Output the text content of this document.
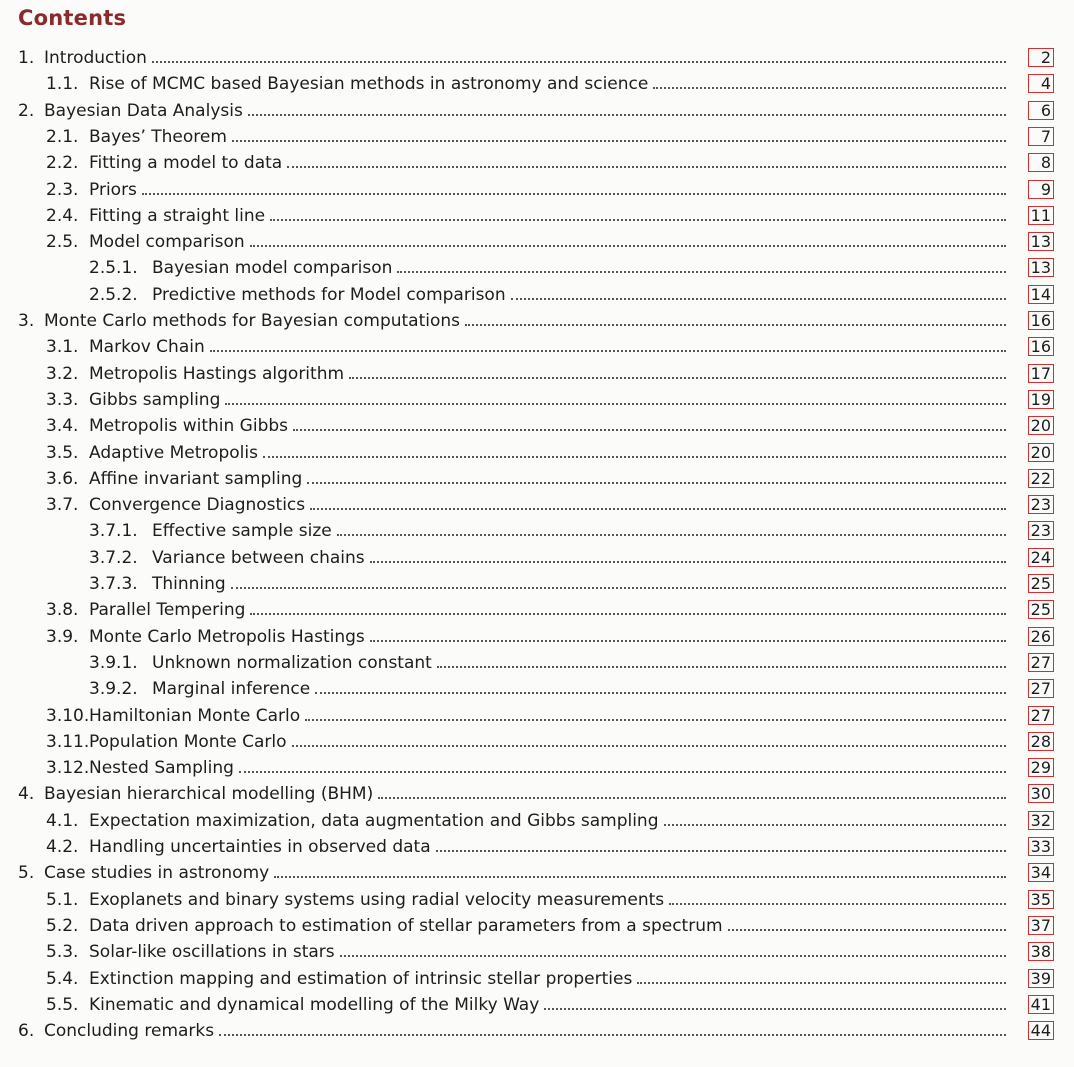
Contents
1. Introduction	2
1.1. Rise of MCMC based Bayesian methods in astronomy and science	4
2. Bayesian Data Analysis	6
2.1. Bayes’ Theorem	7
2.2. Fitting a model to data	8
2.3. Priors	9
2.4. Fitting a straight line	11
2.5. Model comparison	13
2.5.1. Bayesian model comparison	13
2.5.2. Predictive methods for Model comparison	14
3. Monte Carlo methods for Bayesian computations	16
3.1. Markov Chain	16
3.2. Metropolis Hastings algorithm	17
3.3. Gibbs sampling	19
3.4. Metropolis within Gibbs	20
3.5. Adaptive Metropolis	20
3.6. Affine invariant sampling	22
3.7. Convergence Diagnostics	23
3.7.1. Effective sample size	23
3.7.2. Variance between chains	24
3.7.3. Thinning	25
3.8. Parallel Tempering	25
3.9. Monte Carlo Metropolis Hastings	26
3.9.1. Unknown normalization constant	27
3.9.2. Marginal inference	27
3.10. Hamiltonian Monte Carlo	27
3.11. Population Monte Carlo	28
3.12. Nested Sampling	29
4. Bayesian hierarchical modelling (BHM)	30
4.1. Expectation maximization, data augmentation and Gibbs sampling	32
4.2. Handling uncertainties in observed data	33
5. Case studies in astronomy	34
5.1. Exoplanets and binary systems using radial velocity measurements	35
5.2. Data driven approach to estimation of stellar parameters from a spectrum	37
5.3. Solar-like oscillations in stars	38
5.4. Extinction mapping and estimation of intrinsic stellar properties	39
5.5. Kinematic and dynamical modelling of the Milky Way	41
6. Concluding remarks	44
